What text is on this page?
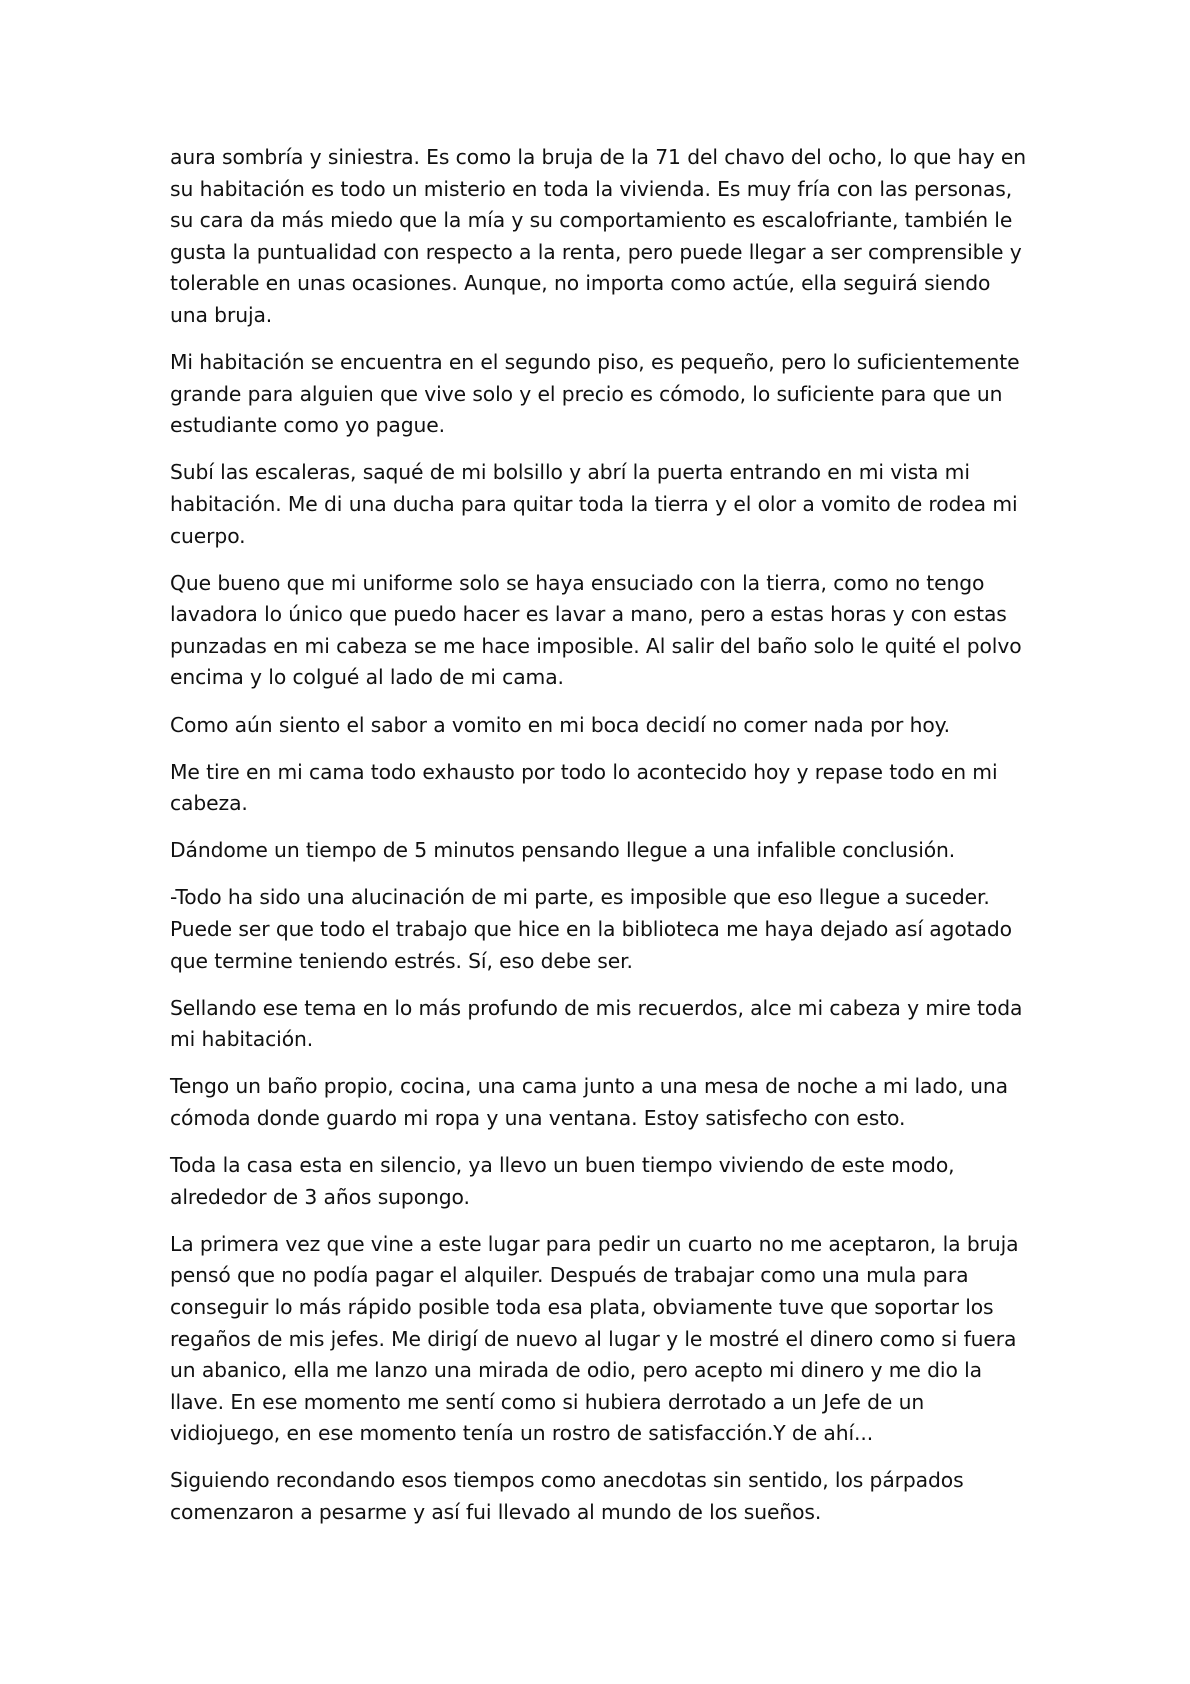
aura sombría y siniestra. Es como la bruja de la 71 del chavo del ocho, lo que hay en su habitación es todo un misterio en toda la vivienda. Es muy fría con las personas, su cara da más miedo que la mía y su comportamiento es escalofriante, también le gusta la puntualidad con respecto a la renta, pero puede llegar a ser comprensible y tolerable en unas ocasiones. Aunque, no importa como actúe, ella seguirá siendo una bruja.

Mi habitación se encuentra en el segundo piso, es pequeño, pero lo suficientemente grande para alguien que vive solo y el precio es cómodo, lo suficiente para que un estudiante como yo pague.

Subí las escaleras, saqué de mi bolsillo y abrí la puerta entrando en mi vista mi habitación. Me di una ducha para quitar toda la tierra y el olor a vomito de rodea mi cuerpo.

Que bueno que mi uniforme solo se haya ensuciado con la tierra, como no tengo lavadora lo único que puedo hacer es lavar a mano, pero a estas horas y con estas punzadas en mi cabeza se me hace imposible. Al salir del baño solo le quité el polvo encima y lo colgué al lado de mi cama.

Como aún siento el sabor a vomito en mi boca decidí no comer nada por hoy.

Me tire en mi cama todo exhausto por todo lo acontecido hoy y repase todo en mi cabeza.

Dándome un tiempo de 5 minutos pensando llegue a una infalible conclusión.

-Todo ha sido una alucinación de mi parte, es imposible que eso llegue a suceder. Puede ser que todo el trabajo que hice en la biblioteca me haya dejado así agotado que termine teniendo estrés. Sí, eso debe ser.

Sellando ese tema en lo más profundo de mis recuerdos, alce mi cabeza y mire toda mi habitación.

Tengo un baño propio, cocina, una cama junto a una mesa de noche a mi lado, una cómoda donde guardo mi ropa y una ventana. Estoy satisfecho con esto.

Toda la casa esta en silencio, ya llevo un buen tiempo viviendo de este modo, alrededor de 3 años supongo.

La primera vez que vine a este lugar para pedir un cuarto no me aceptaron, la bruja pensó que no podía pagar el alquiler. Después de trabajar como una mula para conseguir lo más rápido posible toda esa plata, obviamente tuve que soportar los regaños de mis jefes. Me dirigí de nuevo al lugar y le mostré el dinero como si fuera un abanico, ella me lanzo una mirada de odio, pero acepto mi dinero y me dio la llave. En ese momento me sentí como si hubiera derrotado a un Jefe de un vidiojuego, en ese momento tenía un rostro de satisfacción.Y de ahí...

Siguiendo recondando esos tiempos como anecdotas sin sentido, los párpados comenzaron a pesarme y así fui llevado al mundo de los sueños.
